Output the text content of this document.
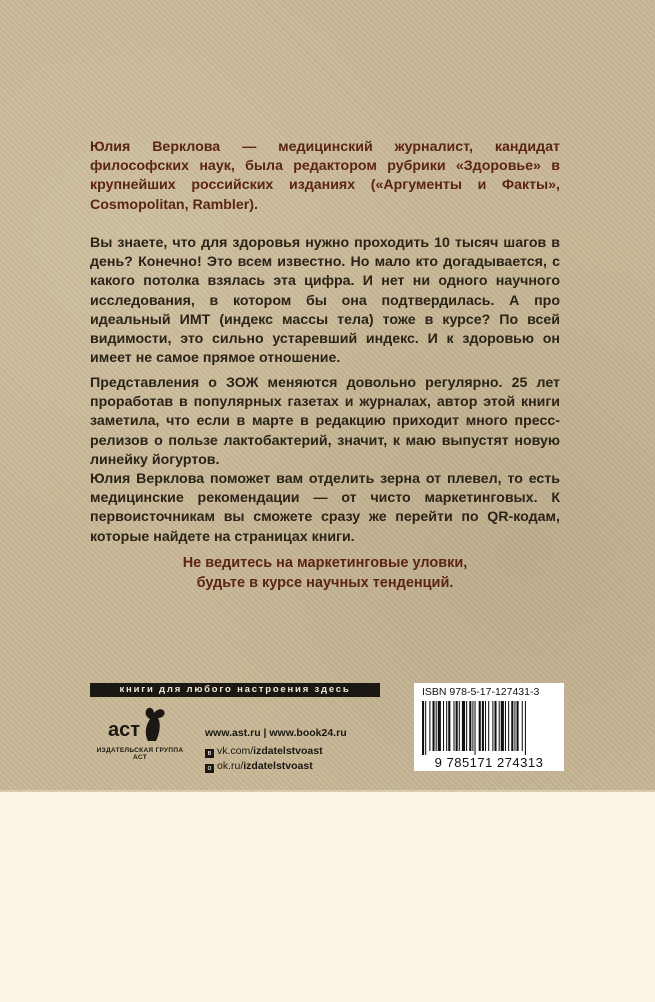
Юлия Верклова — медицинский журналист, кандидат философских наук, была редактором рубрики «Здоровье» в крупнейших российских изданиях («Аргументы и Факты», Cosmopolitan, Rambler).

Вы знаете, что для здоровья нужно проходить 10 тысяч шагов в день? Конечно! Это всем известно. Но мало кто догадывается, с какого потолка взялась эта цифра. И нет ни одного научного исследования, в котором бы она подтвердилась. А про идеальный ИМТ (индекс массы тела) тоже в курсе? По всей видимости, это сильно устаревший индекс. И к здоровью он имеет не самое прямое отношение.

Представления о ЗОЖ меняются довольно регулярно. 25 лет проработав в популярных газетах и журналах, автор этой книги заметила, что если в марте в редакцию приходит много пресс-релизов о пользе лактобактерий, значит, к маю выпустят новую линейку йогуртов.

Юлия Верклова поможет вам отделить зерна от плевел, то есть медицинские рекомендации — от чисто маркетинговых. К первоисточникам вы сможете сразу же перейти по QR-кодам, которые найдете на страницах книги.

Не ведитесь на маркетинговые уловки,
будьте в курсе научных тенденций.
книги для любого настроения здесь
аст
ИЗДАТЕЛЬСКАЯ ГРУППА АСТ
www.ast.ru | www.book24.ru
в vk.com/izdatelstvoast
о ok.ru/izdatelstvoast
ISBN 978-5-17-127431-3
9 785171 274313
